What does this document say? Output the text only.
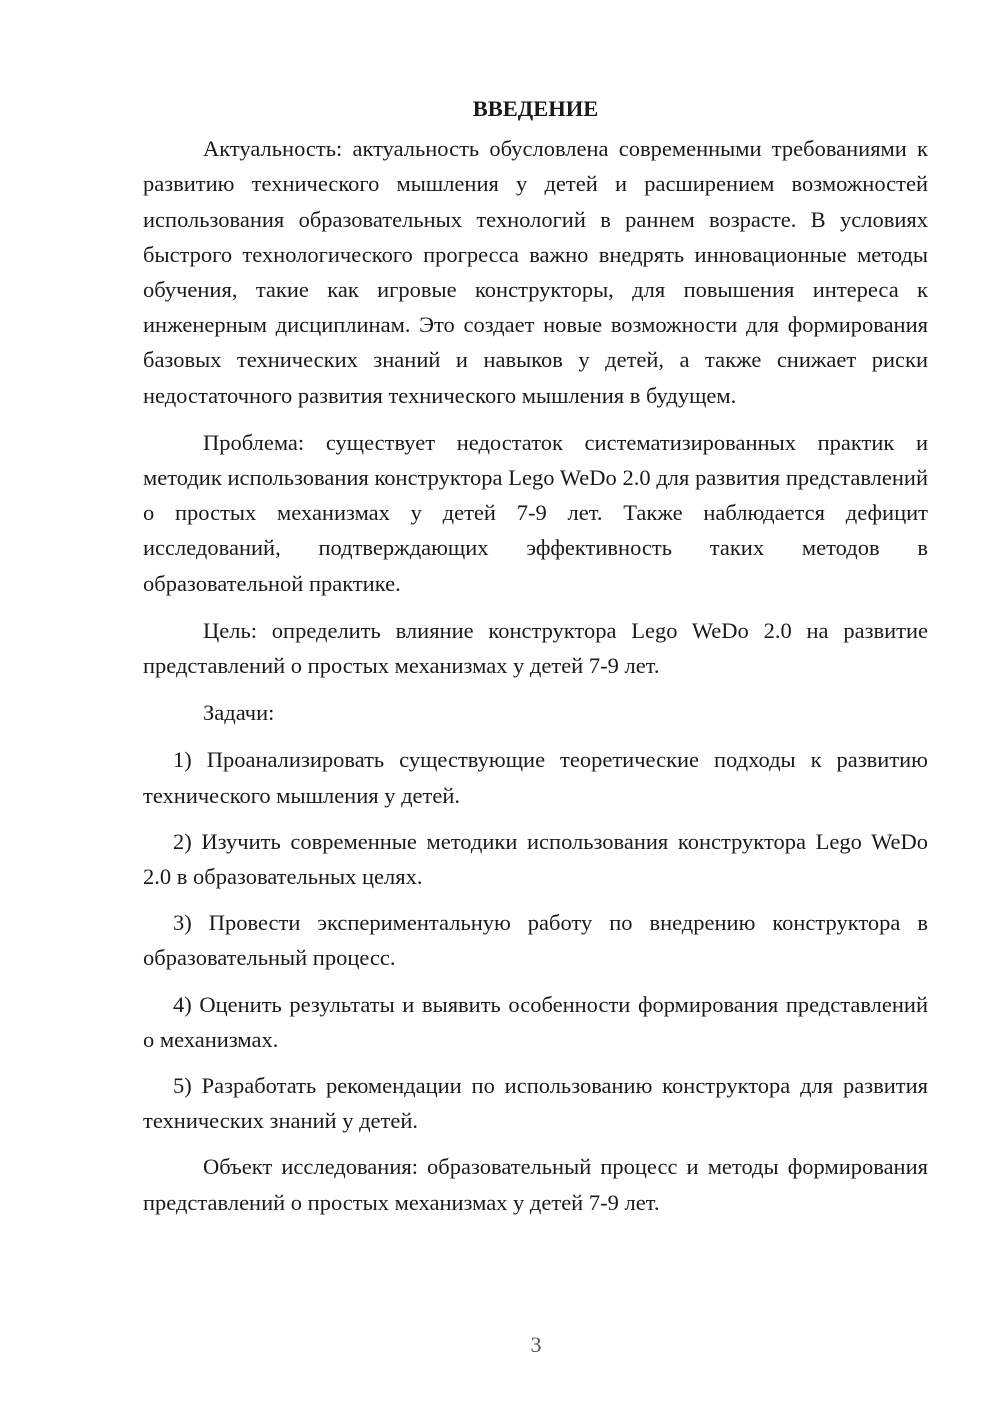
ВВЕДЕНИЕ

Актуальность: актуальность обусловлена современными требованиями к развитию технического мышления у детей и расширением возможностей использования образовательных технологий в раннем возрасте. В условиях быстрого технологического прогресса важно внедрять инновационные методы обучения, такие как игровые конструкторы, для повышения интереса к инженерным дисциплинам. Это создает новые возможности для формирования базовых технических знаний и навыков у детей, а также снижает риски недостаточного развития технического мышления в будущем.

Проблема: существует недостаток систематизированных практик и методик использования конструктора Lego WeDo 2.0 для развития представлений о простых механизмах у детей 7-9 лет. Также наблюдается дефицит исследований, подтверждающих эффективность таких методов в образовательной практике.

Цель: определить влияние конструктора Lego WeDo 2.0 на развитие представлений о простых механизмах у детей 7-9 лет.

Задачи:

1) Проанализировать существующие теоретические подходы к развитию технического мышления у детей.

2) Изучить современные методики использования конструктора Lego WeDo 2.0 в образовательных целях.

3) Провести экспериментальную работу по внедрению конструктора в образовательный процесс.

4) Оценить результаты и выявить особенности формирования представлений о механизмах.

5) Разработать рекомендации по использованию конструктора для развития технических знаний у детей.

Объект исследования: образовательный процесс и методы формирования представлений о простых механизмах у детей 7-9 лет.

3
